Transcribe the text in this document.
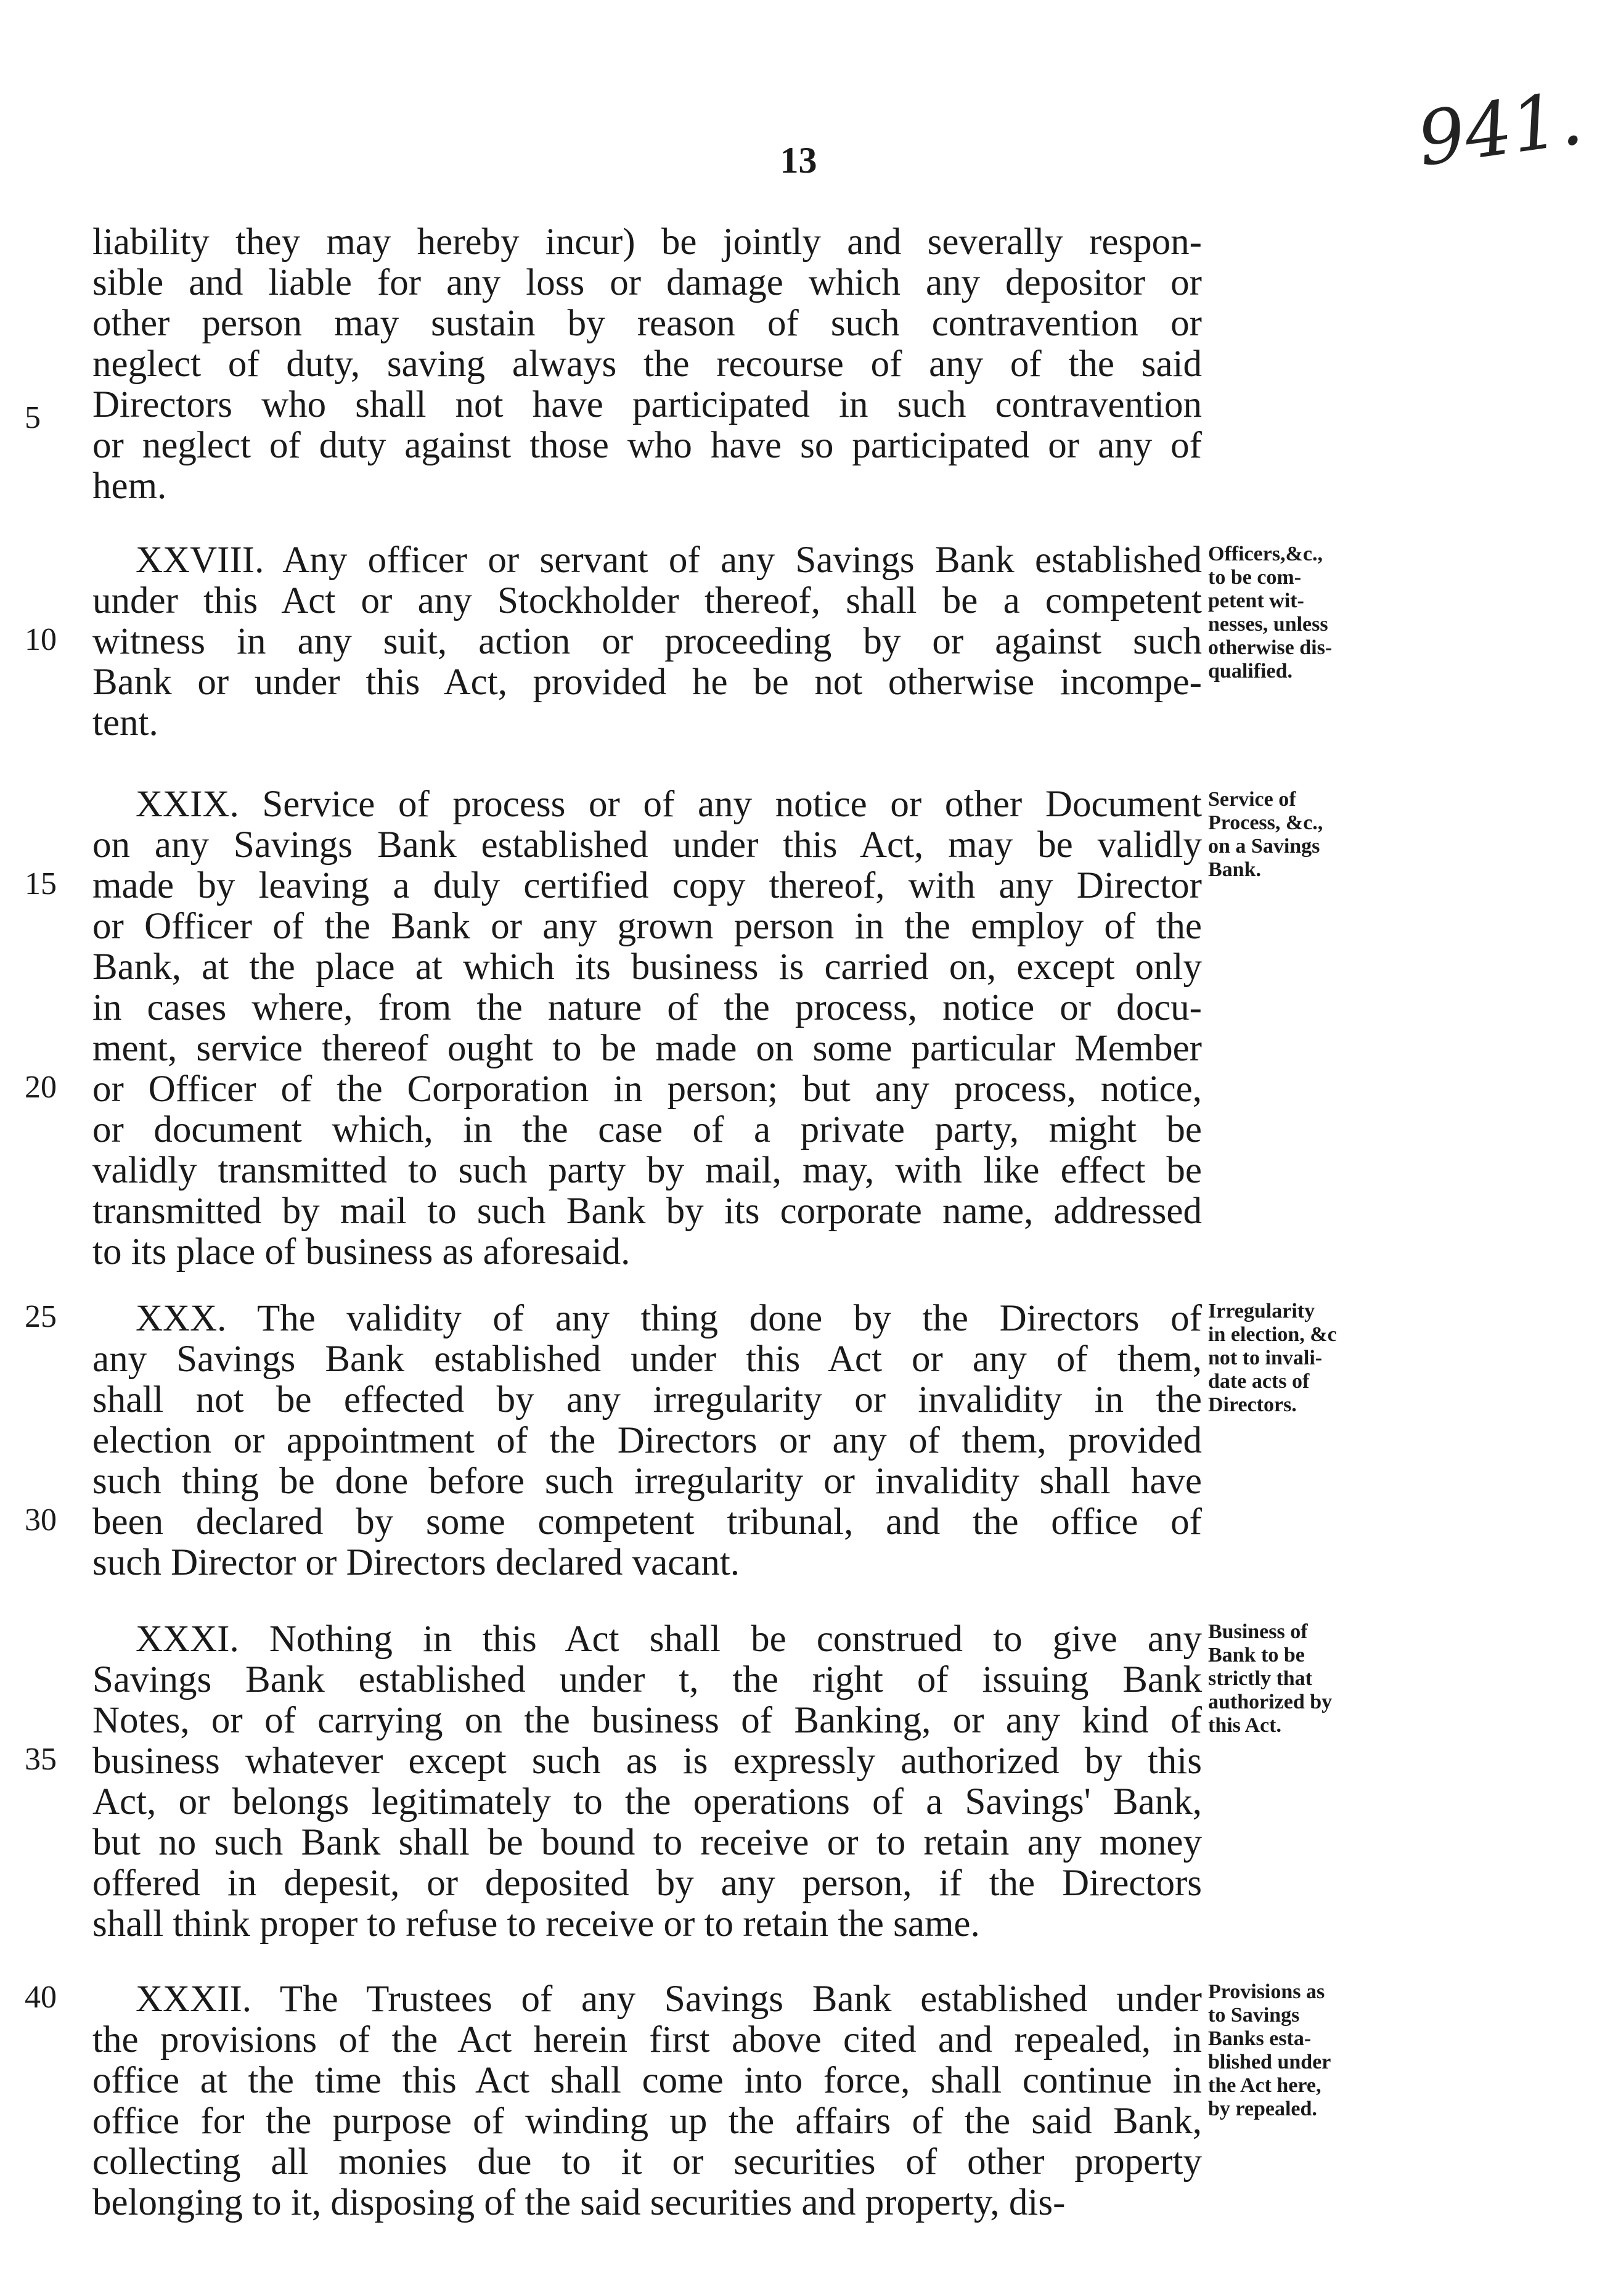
13	941.
liability they may hereby incur) be jointly and severally respon-
sible and liable for any loss or damage which any depositor or
other person may sustain by reason of such contravention or
neglect of duty, saving always the recourse of any of the said
Directors who shall not have participated in such contravention
or neglect of duty against those who have so participated or any of
hem.
XXVIII. Any officer or servant of any Savings Bank established
under this Act or any Stockholder thereof, shall be a competent
witness in any suit, action or proceeding by or against such
Bank or under this Act, provided he be not otherwise incompe-
tent.
XXIX. Service of process or of any notice or other Document
on any Savings Bank established under this Act, may be validly
made by leaving a duly certified copy thereof, with any Director
or Officer of the Bank or any grown person in the employ of the
Bank, at the place at which its business is carried on, except only
in cases where, from the nature of the process, notice or docu-
ment, service thereof ought to be made on some particular Member
or Officer of the Corporation in person; but any process, notice,
or document which, in the case of a private party, might be
validly transmitted to such party by mail, may, with like effect be
transmitted by mail to such Bank by its corporate name, addressed
to its place of business as aforesaid.
XXX. The validity of any thing done by the Directors of
any Savings Bank established under this Act or any of them,
shall not be effected by any irregularity or invalidity in the
election or appointment of the Directors or any of them, provided
such thing be done before such irregularity or invalidity shall have
been declared by some competent tribunal, and the office of
such Director or Directors declared vacant.
XXXI. Nothing in this Act shall be construed to give any
Savings Bank established under t, the right of issuing Bank
Notes, or of carrying on the business of Banking, or any kind of
business whatever except such as is expressly authorized by this
Act, or belongs legitimately to the operations of a Savings' Bank,
but no such Bank shall be bound to receive or to retain any money
offered in depesit, or deposited by any person, if the Directors
shall think proper to refuse to receive or to retain the same.
XXXII. The Trustees of any Savings Bank established under
the provisions of the Act herein first above cited and repealed, in
office at the time this Act shall come into force, shall continue in
office for the purpose of winding up the affairs of the said Bank,
collecting all monies due to it or securities of other property
belonging to it, disposing of the said securities and property, dis-
5
10
15
20
25
30
35
40
Officers,&c.,
to be com-
petent wit-
nesses, unless
otherwise dis-
qualified.
Service of
Process, &c.,
on a Savings
Bank.
Irregularity
in election, &c
not to invali-
date acts of
Directors.
Business of
Bank to be
strictly that
authorized by
this Act.
Provisions as
to Savings
Banks esta-
blished under
the Act here,
by repealed.
